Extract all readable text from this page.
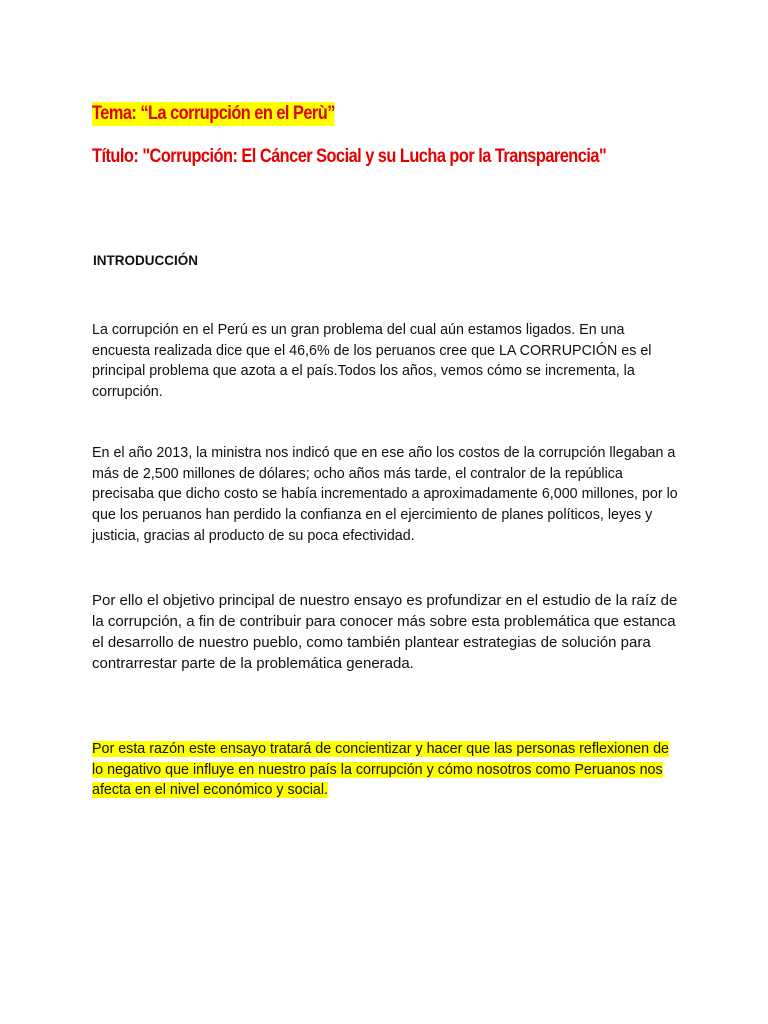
Tema: “La corrupción en el Perù”
Título: "Corrupción: El Cáncer Social y su Lucha por la Transparencia"
INTRODUCCIÓN

La corrupción en el Perú es un gran problema del cual aún estamos ligados. En una encuesta realizada dice que el 46,6% de los peruanos cree que LA CORRUPCIÓN es el principal problema que azota a el país.Todos los años, vemos cómo se incrementa, la corrupción.

En el año 2013, la ministra nos indicó que en ese año los costos de la corrupción llegaban a más de 2,500 millones de dólares; ocho años más tarde, el contralor de la república precisaba que dicho costo se había incrementado a aproximadamente 6,000 millones, por lo que los peruanos han perdido la confianza en el ejercimiento de planes políticos, leyes y justicia, gracias al producto de su poca efectividad.

Por ello el objetivo principal de nuestro ensayo es profundizar en el estudio de la raíz de la corrupción, a fin de contribuir para conocer más sobre esta problemática que estanca el desarrollo de nuestro pueblo, como también plantear estrategias de solución para contrarrestar parte de la problemática generada.

Por esta razón este ensayo tratará de concientizar y hacer que las personas reflexionen de lo negativo que influye en nuestro país la corrupción y cómo nosotros como Peruanos nos afecta en el nivel económico y social.
